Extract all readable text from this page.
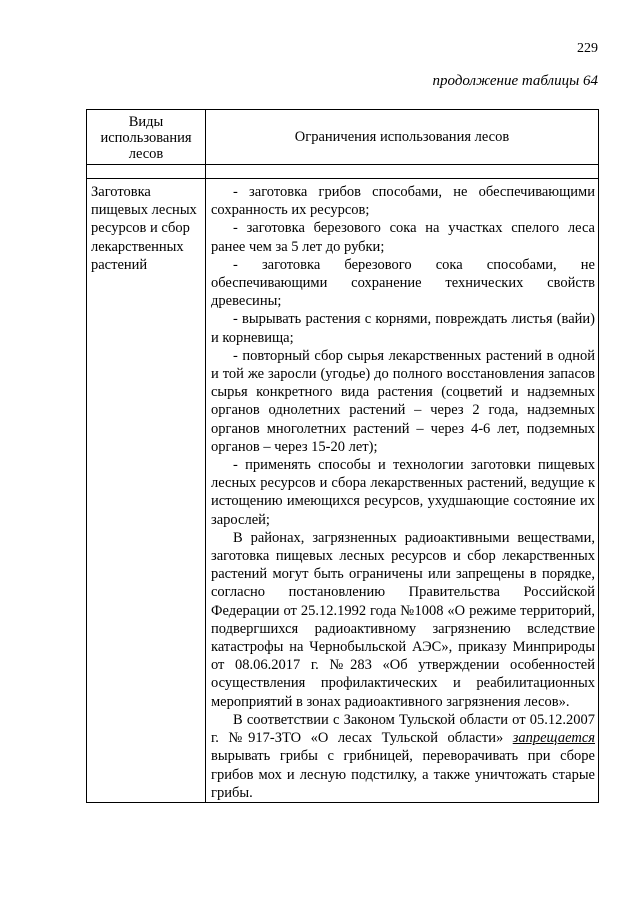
229
продолжение таблицы 64
Виды
использования
лесов
Ограничения использования лесов
Заготовка
пищевых лесных
ресурсов и сбор
лекарственных
растений

- заготовка грибов способами, не обеспечивающими сохранность их ресурсов;

- заготовка березового сока на участках спелого леса ранее чем за 5 лет до рубки;

- заготовка березового сока способами, не обеспечивающими сохранение технических свойств древесины;

- вырывать растения с корнями, повреждать листья (вайи) и корневища;

- повторный сбор сырья лекарственных растений в одной и той же заросли (угодье) до полного восстановления запасов сырья конкретного вида растения (соцветий и надземных органов однолетних растений – через 2 года, надземных органов многолетних растений – через 4-6 лет, подземных органов – через 15-20 лет);

- применять способы и технологии заготовки пищевых лесных ресурсов и сбора лекарственных растений, ведущие к истощению имеющихся ресурсов, ухудшающие состояние их зарослей;

В районах, загрязненных радиоактивными веществами, заготовка пищевых лесных ресурсов и сбор лекарственных растений могут быть ограничены или запрещены в порядке, согласно постановлению Правительства Российской Федерации от 25.12.1992 года №1008 «О режиме территорий, подвергшихся радиоактивному загрязнению вследствие катастрофы на Чернобыльской АЭС», приказу Минприроды от 08.06.2017 г. №283 «Об утверждении особенностей осуществления профилактических и реабилитационных мероприятий в зонах радиоактивного загрязнения лесов».

В соответствии с Законом Тульской области от 05.12.2007 г. №917-ЗТО «О лесах Тульской области» запрещается вырывать грибы с грибницей, переворачивать при сборе грибов мох и лесную подстилку, а также уничтожать старые грибы.
